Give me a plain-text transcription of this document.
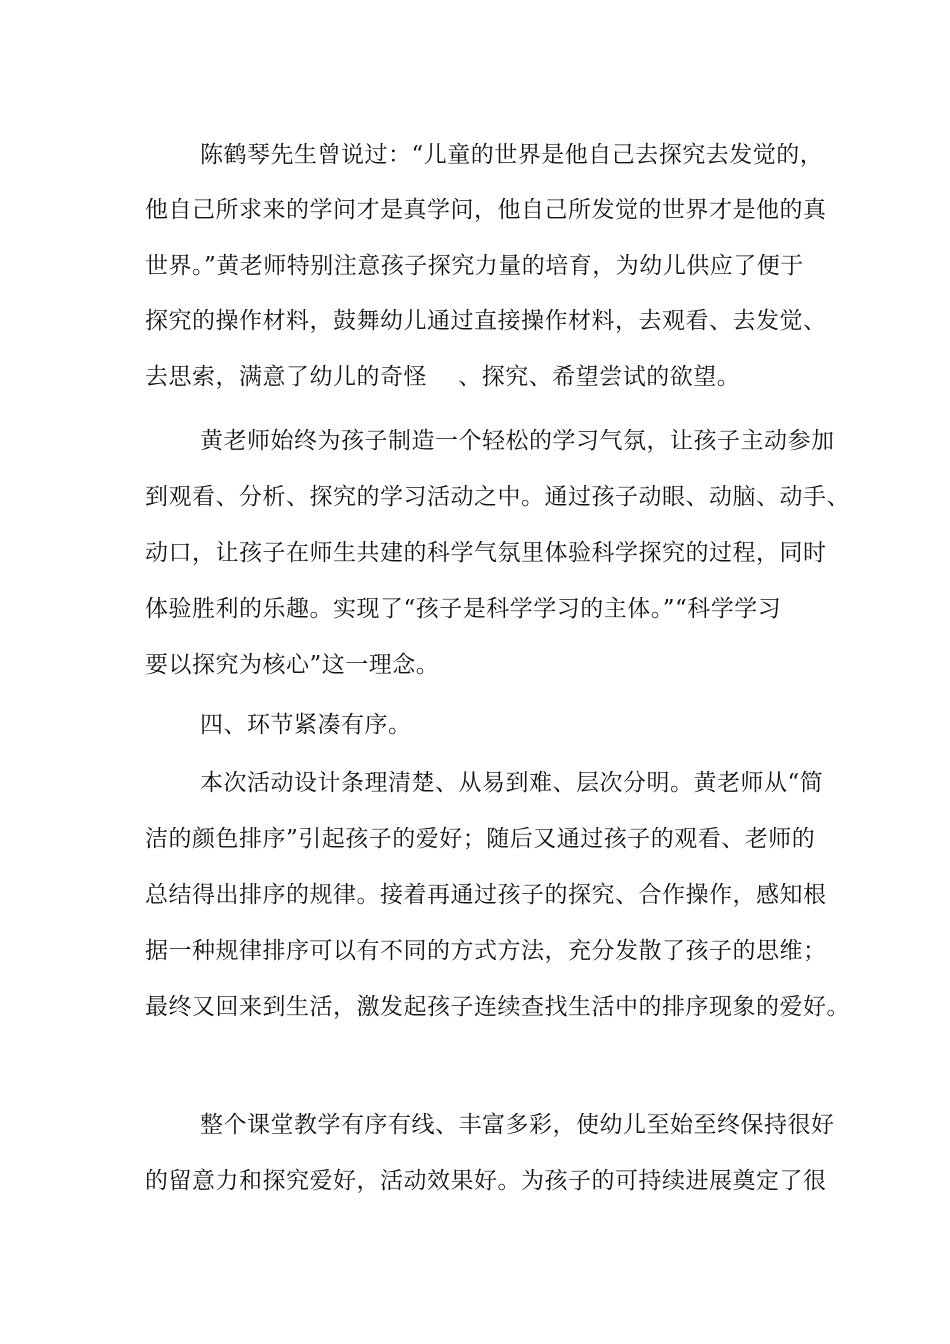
陈鹤琴先生曾说过：“儿童的世界是他自己去探究去发觉的，
他自己所求来的学问才是真学问，他自己所发觉的世界才是他的真
世界。”黄老师特别注意孩子探究力量的培育，为幼儿供应了便于
探究的操作材料，鼓舞幼儿通过直接操作材料，去观看、去发觉、
去思索，满意了幼儿的奇怪    、探究、希望尝试的欲望。
黄老师始终为孩子制造一个轻松的学习气氛，让孩子主动参加
到观看、分析、探究的学习活动之中。通过孩子动眼、动脑、动手、
动口，让孩子在师生共建的科学气氛里体验科学探究的过程，同时
体验胜利的乐趣。实现了“孩子是科学学习的主体。”“科学学习
要以探究为核心”这一理念。
四、环节紧凑有序。
本次活动设计条理清楚、从易到难、层次分明。黄老师从“简
洁的颜色排序”引起孩子的爱好；随后又通过孩子的观看、老师的
总结得出排序的规律。接着再通过孩子的探究、合作操作，感知根
据一种规律排序可以有不同的方式方法，充分发散了孩子的思维；
最终又回来到生活，激发起孩子连续查找生活中的排序现象的爱好。
整个课堂教学有序有线、丰富多彩，使幼儿至始至终保持很好
的留意力和探究爱好，活动效果好。为孩子的可持续进展奠定了很
